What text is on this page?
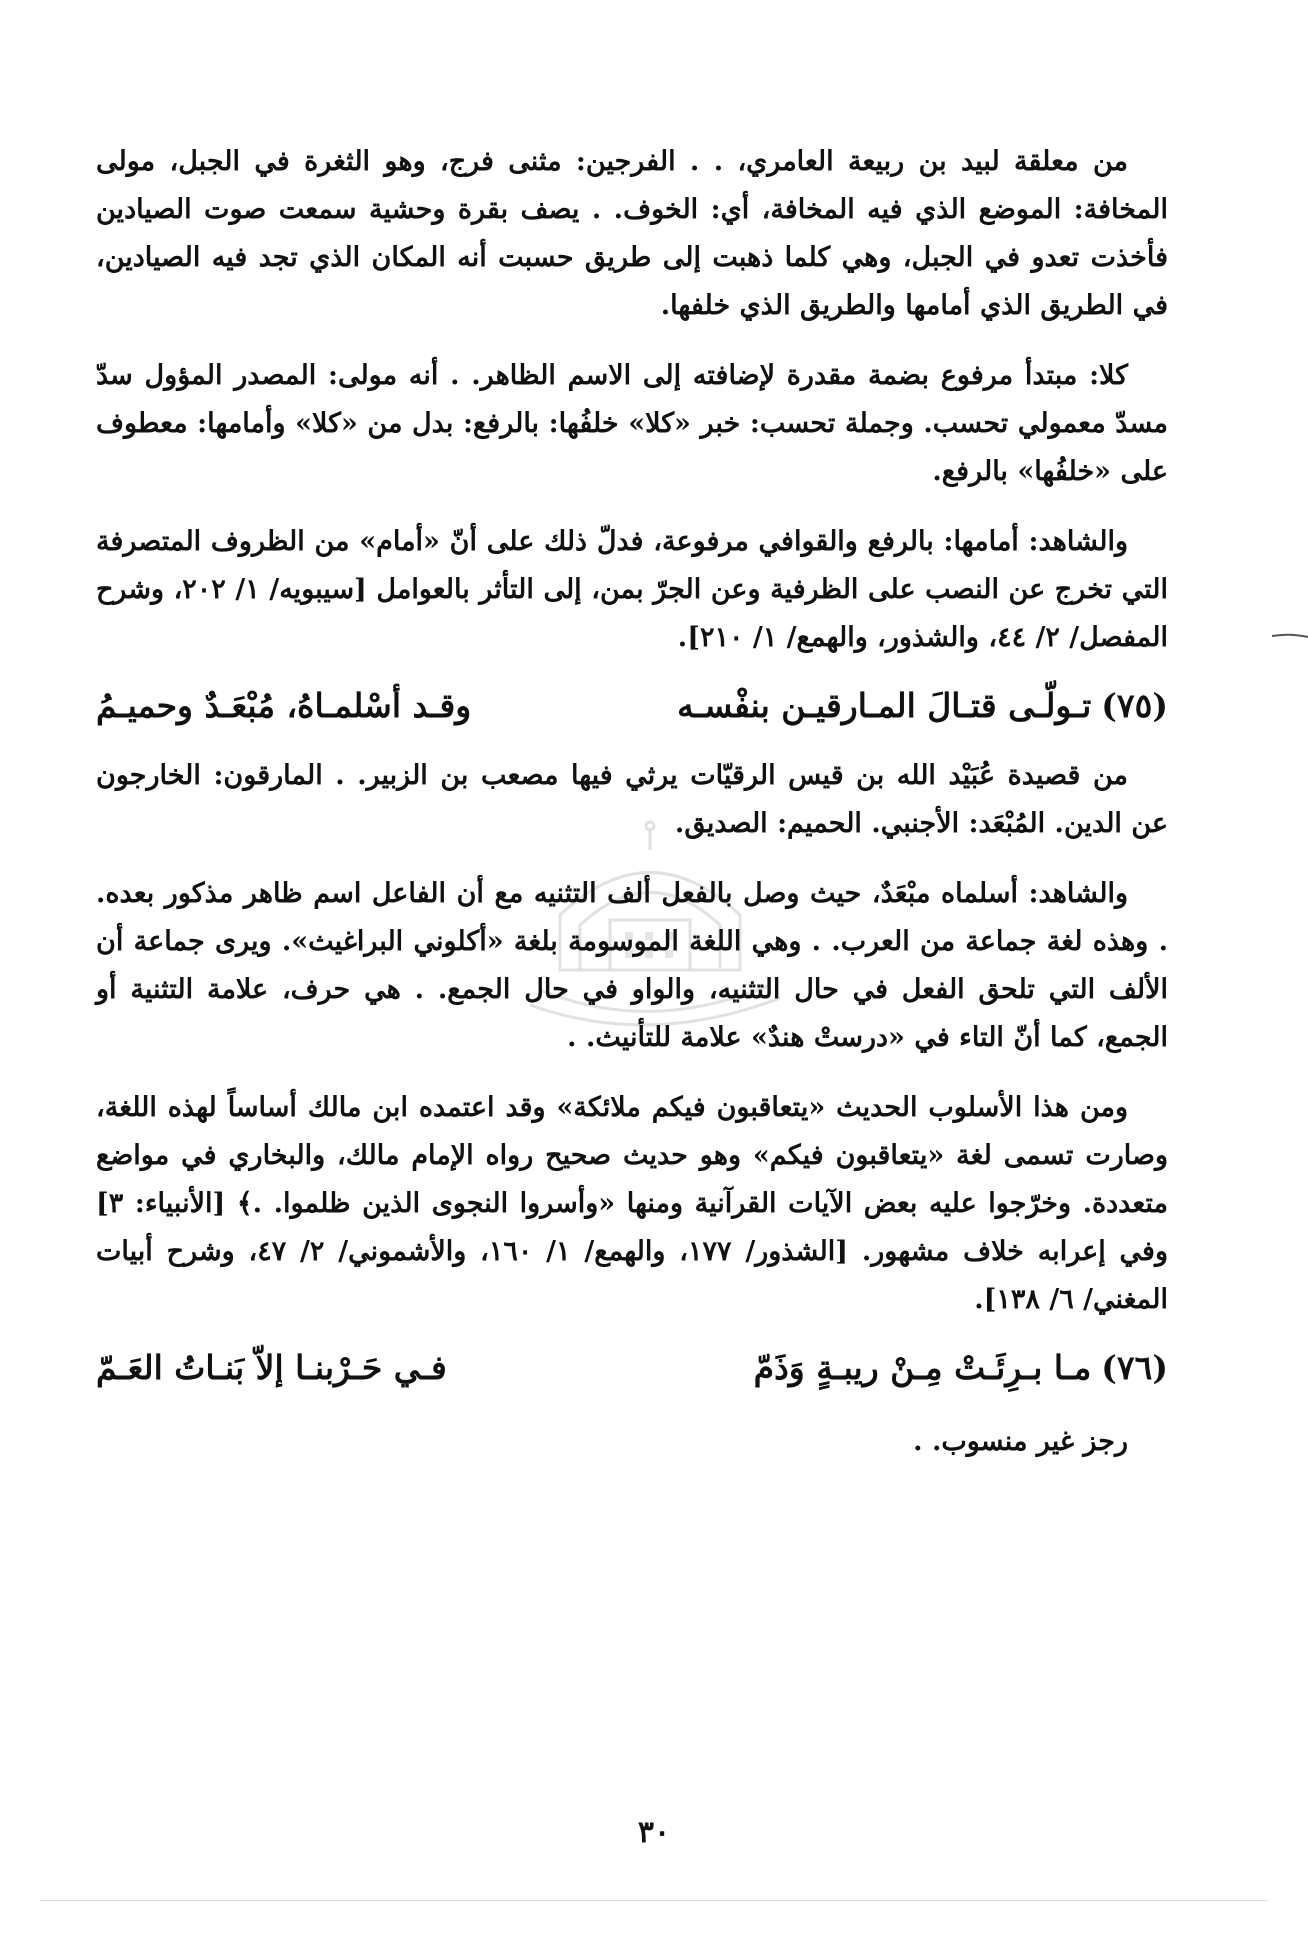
من معلقة لبيد بن ربيعة العامري، . . الفرجين: مثنى فرج، وهو الثغرة في الجبل، مولى المخافة: الموضع الذي فيه المخافة، أي: الخوف. . يصف بقرة وحشية سمعت صوت الصيادين فأخذت تعدو في الجبل، وهي كلما ذهبت إلى طريق حسبت أنه المكان الذي تجد فيه الصيادين، في الطريق الذي أمامها والطريق الذي خلفها.

كلا: مبتدأ مرفوع بضمة مقدرة لإضافته إلى الاسم الظاهر. . أنه مولى: المصدر المؤول سدّ مسدّ معمولي تحسب. وجملة تحسب: خبر «كلا» خلفُها: بالرفع: بدل من «كلا» وأمامها: معطوف على «خلفُها» بالرفع.

والشاهد: أمامها: بالرفع والقوافي مرفوعة، فدلّ ذلك على أنّ «أمام» من الظروف المتصرفة التي تخرج عن النصب على الظرفية وعن الجرّ بمن، إلى التأثر بالعوامل [سيبويه/ ١/ ٢٠٢، وشرح المفصل/ ٢/ ٤٤، والشذور، والهمع/ ١/ ٢١٠].

(٧٥)
تـولّـى قتـالَ المـارقيـن بنفْسـه
وقـد أسْلمـاهُ، مُبْعَـدٌ وحميـمُ

من قصيدة عُبَيْد الله بن قيس الرقيّات يرثي فيها مصعب بن الزبير. . المارقون: الخارجون عن الدين. المُبْعَد: الأجنبي. الحميم: الصديق.

والشاهد: أسلماه مبْعَدٌ، حيث وصل بالفعل ألف التثنيه مع أن الفاعل اسم ظاهر مذكور بعده. . وهذه لغة جماعة من العرب. . وهي اللغة الموسومة بلغة «أكلوني البراغيث». ويرى جماعة أن الألف التي تلحق الفعل في حال التثنيه، والواو في حال الجمع. . هي حرف، علامة التثنية أو الجمع، كما أنّ التاء في «درستْ هندٌ» علامة للتأنيث. .

ومن هذا الأسلوب الحديث «يتعاقبون فيكم ملائكة» وقد اعتمده ابن مالك أساساً لهذه اللغة، وصارت تسمى لغة «يتعاقبون فيكم» وهو حديث صحيح رواه الإمام مالك، والبخاري في مواضع متعددة. وخرّجوا عليه بعض الآيات القرآنية ومنها «وأسروا النجوى الذين ظلموا. .﴾ [الأنبياء: ٣] وفي إعرابه خلاف مشهور. [الشذور/ ١٧٧، والهمع/ ١/ ١٦٠، والأشموني/ ٢/ ٤٧، وشرح أبيات المغني/ ٦/ ١٣٨].

(٧٦)
مـا بـرِئَـتْ مِـنْ ريبـةٍ وَذَمّ
فـي حَـرْبنـا إلاّ بَنـاتُ العَـمّ

رجز غير منسوب. .

٣٠
